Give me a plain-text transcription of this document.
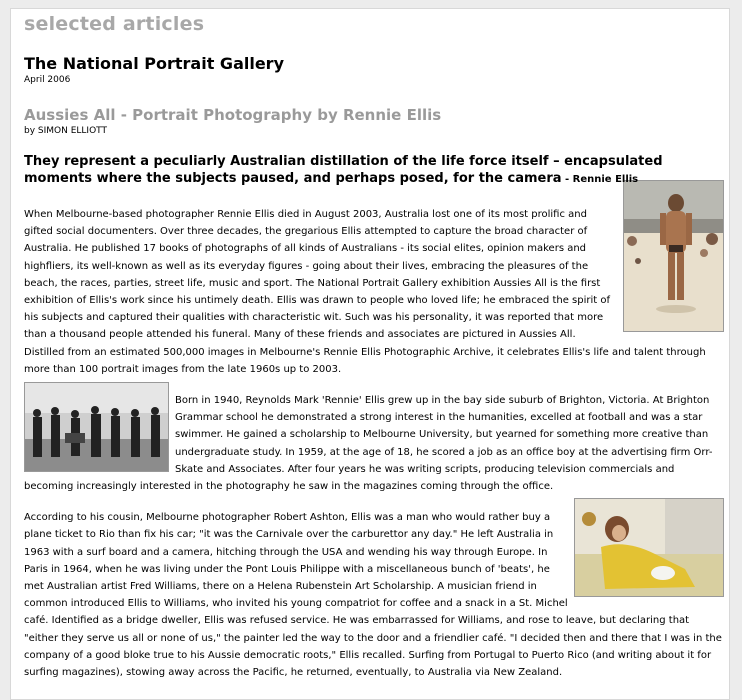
selected articles
The National Portrait Gallery
April 2006
Aussies All - Portrait Photography by Rennie Ellis
by SIMON ELLIOTT
They represent a peculiarly Australian distillation of the life force itself – encapsulated moments where the subjects paused, and perhaps posed, for the camera - Rennie Ellis

When Melbourne-based photographer Rennie Ellis died in August 2003, Australia lost one of its most prolific and gifted social documenters. Over three decades, the gregarious Ellis attempted to capture the broad character of Australia. He published 17 books of photographs of all kinds of Australians - its social elites, opinion makers and highfliers, its well-known as well as its everyday figures - going about their lives, embracing the pleasures of the beach, the races, parties, street life, music and sport. The National Portrait Gallery exhibition Aussies All is the first exhibition of Ellis's work since his untimely death. Ellis was drawn to people who loved life; he embraced the spirit of his subjects and captured their qualities with characteristic wit. Such was his personality, it was reported that more than a thousand people attended his funeral. Many of these friends and associates are pictured in Aussies All. Distilled from an estimated 500,000 images in Melbourne's Rennie Ellis Photographic Archive, it celebrates Ellis's life and talent through more than 100 portrait images from the late 1960s up to 2003.

Born in 1940, Reynolds Mark 'Rennie' Ellis grew up in the bay side suburb of Brighton, Victoria. At Brighton Grammar school he demonstrated a strong interest in the humanities, excelled at football and was a star swimmer. He gained a scholarship to Melbourne University, but yearned for something more creative than undergraduate study. In 1959, at the age of 18, he scored a job as an office boy at the advertising firm Orr-Skate and Associates. After four years he was writing scripts, producing television commercials and becoming increasingly interested in the photography he saw in the magazines coming through the office.

According to his cousin, Melbourne photographer Robert Ashton, Ellis was a man who would rather buy a plane ticket to Rio than fix his car; "it was the Carnivale over the carburettor any day." He left Australia in 1963 with a surf board and a camera, hitching through the USA and wending his way through Europe. In Paris in 1964, when he was living under the Pont Louis Philippe with a miscellaneous bunch of 'beats', he met Australian artist Fred Williams, there on a Helena Rubenstein Art Scholarship. A musician friend in common introduced Ellis to Williams, who invited his young compatriot for coffee and a snack in a St. Michel café. Identified as a bridge dweller, Ellis was refused service. He was embarrassed for Williams, and rose to leave, but declaring that "either they serve us all or none of us," the painter led the way to the door and a friendlier café. "I decided then and there that I was in the company of a good bloke true to his Aussie democratic roots," Ellis recalled. Surfing from Portugal to Puerto Rico (and writing about it for surfing magazines), stowing away across the Pacific, he returned, eventually, to Australia via New Zealand.
